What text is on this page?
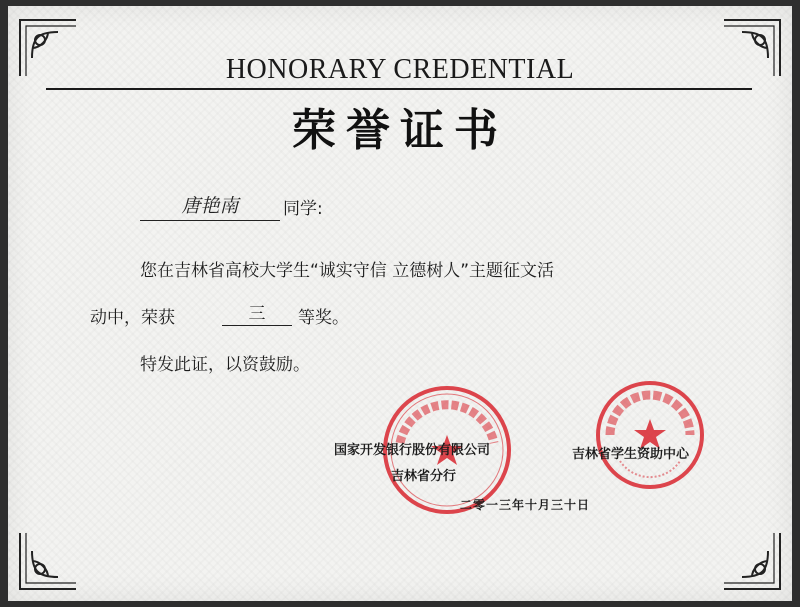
HONORARY CREDENTIAL
荣誉证书
唐艳南	同学:
您在吉林省高校大学生“诚实守信 立德树人”主题征文活
动中，荣获	三	等奖。
特发此证，以资鼓励。
国家开发银行股份有限公司
吉林省分行
吉林省学生资助中心
二零一三年十月三十日
